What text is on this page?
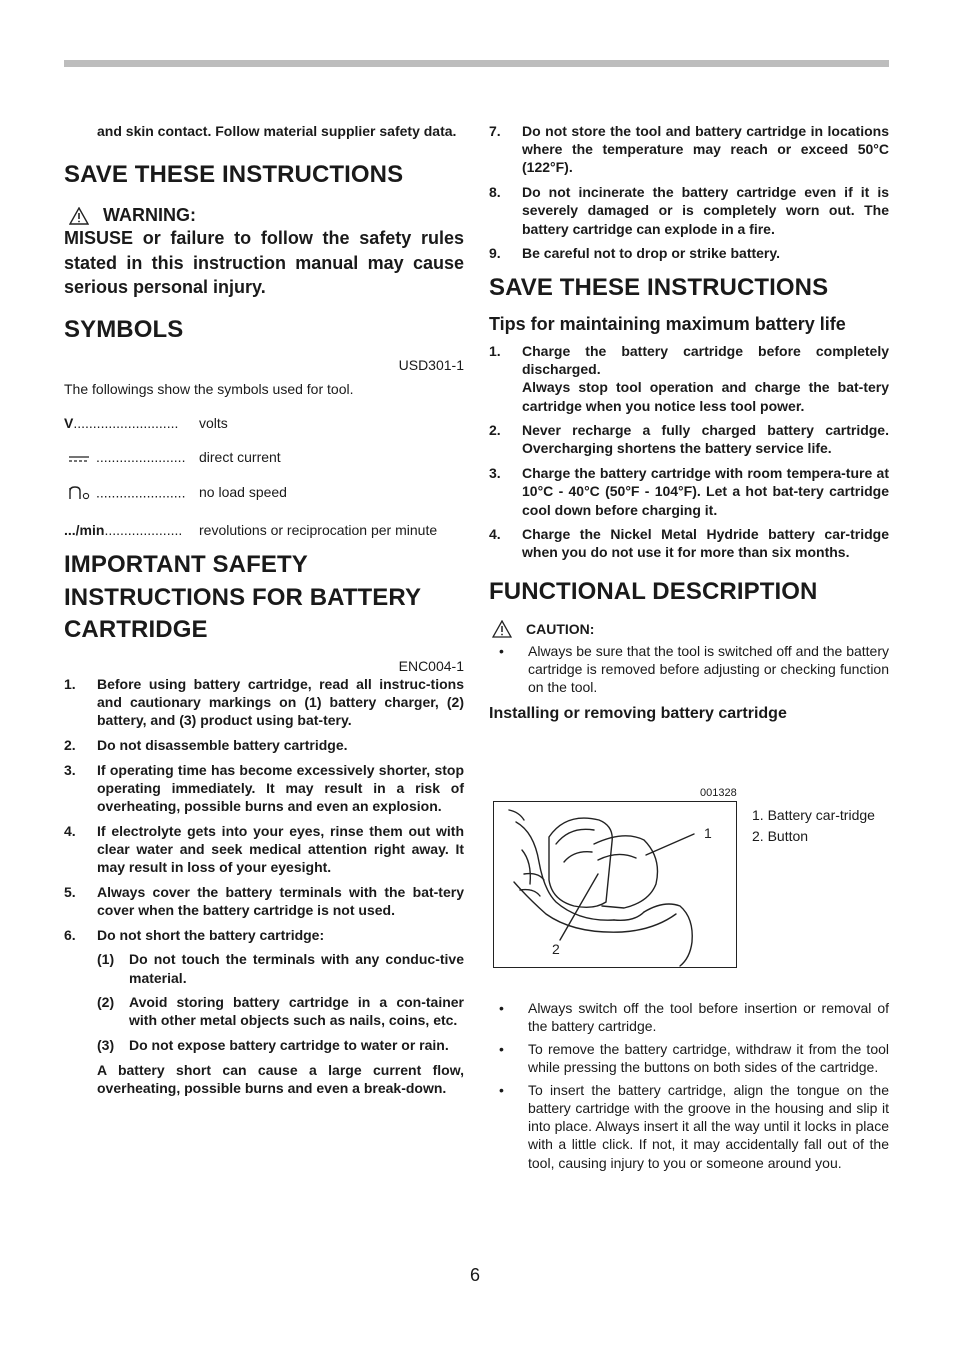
and skin contact. Follow material supplier safety data.
SAVE THESE INSTRUCTIONS
WARNING:

MISUSE or failure to follow the safety rules stated in this instruction manual may cause serious personal injury.

SYMBOLS
USD301-1
The followings show the symbols used for tool.
V...........................	volts
....................... direct current
....................... no load speed
.../min....................	revolutions or reciprocation per minute
IMPORTANT SAFETY INSTRUCTIONS FOR BATTERY CARTRIDGE
ENC004-1
1.	Before using battery cartridge, read all instruc-tions and cautionary markings on (1) battery charger, (2) battery, and (3) product using bat-tery.
2.	Do not disassemble battery cartridge.
3.	If operating time has become excessively shorter, stop operating immediately. It may result in a risk of overheating, possible burns and even an explosion.
4.	If electrolyte gets into your eyes, rinse them out with clear water and seek medical attention right away. It may result in loss of your eyesight.
5.	Always cover the battery terminals with the bat-tery cover when the battery cartridge is not used.
6.	Do not short the battery cartridge:
(1)	Do not touch the terminals with any conduc-tive material.
(2)	Avoid storing battery cartridge in a con-tainer with other metal objects such as nails, coins, etc.
(3)	Do not expose battery cartridge to water or rain.
A battery short can cause a large current flow, overheating, possible burns and even a break-down.
7.	Do not store the tool and battery cartridge in locations where the temperature may reach or exceed 50°C (122°F).
8.	Do not incinerate the battery cartridge even if it is severely damaged or is completely worn out. The battery cartridge can explode in a fire.
9.	Be careful not to drop or strike battery.
SAVE THESE INSTRUCTIONS
Tips for maintaining maximum battery life
1.	Charge the battery cartridge before completely discharged.
Always stop tool operation and charge the bat-tery cartridge when you notice less tool power.
2.	Never recharge a fully charged battery cartridge. Overcharging shortens the battery service life.
3.	Charge the battery cartridge with room tempera-ture at 10°C - 40°C (50°F - 104°F). Let a hot bat-tery cartridge cool down before charging it.
4.	Charge the Nickel Metal Hydride battery car-tridge when you do not use it for more than six months.
FUNCTIONAL DESCRIPTION
CAUTION:
•	Always be sure that the tool is switched off and the battery cartridge is removed before adjusting or checking function on the tool.
Installing or removing battery cartridge
001328
1
2
1. Battery car-tridge
2. Button
•	Always switch off the tool before insertion or removal of the battery cartridge.
•	To remove the battery cartridge, withdraw it from the tool while pressing the buttons on both sides of the cartridge.
•	To insert the battery cartridge, align the tongue on the battery cartridge with the groove in the housing and slip it into place. Always insert it all the way until it locks in place with a little click. If not, it may accidentally fall out of the tool, causing injury to you or someone around you.
6
